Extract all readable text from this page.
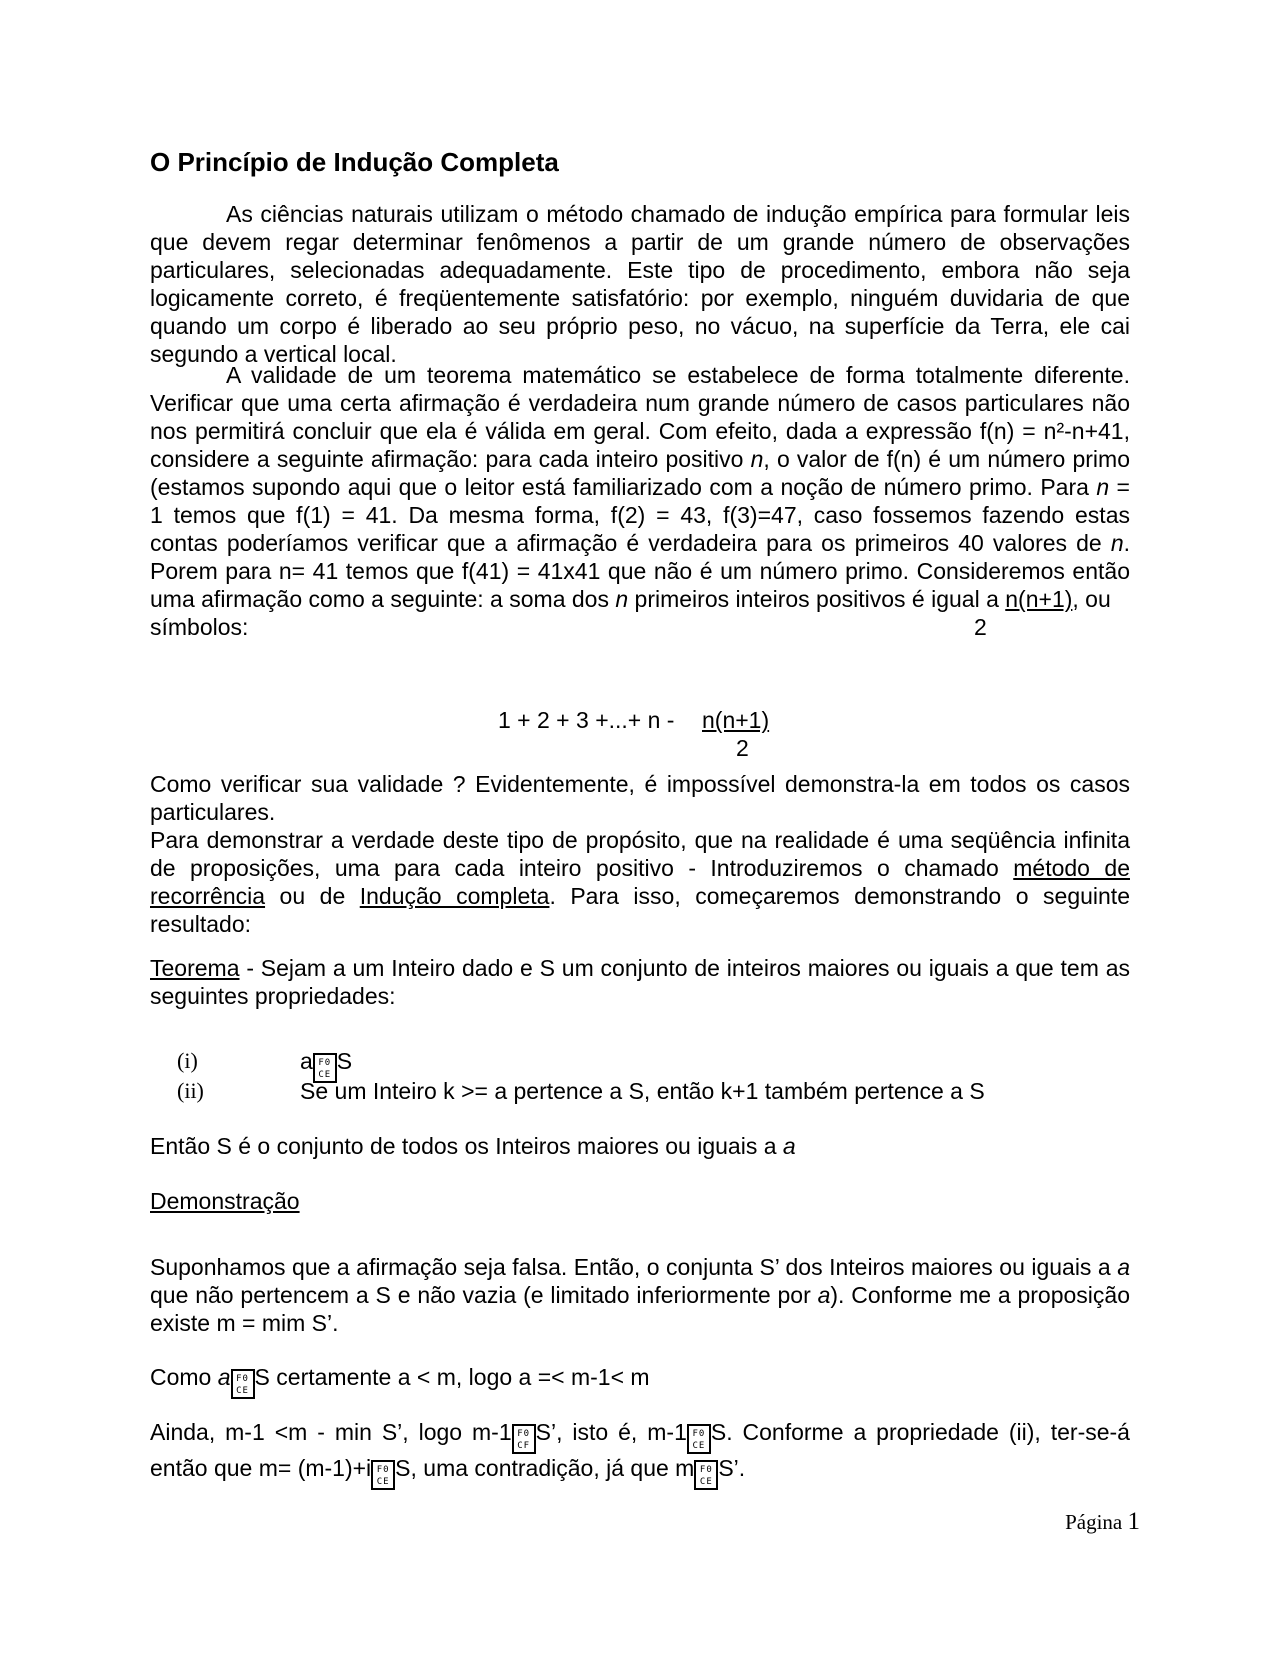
O Princípio de Indução Completa

As ciências naturais utilizam o método chamado de indução empírica para formular leis que devem regar determinar fenômenos a partir de um grande número de observações particulares, selecionadas adequadamente. Este tipo de procedimento, embora não seja logicamente correto, é freqüentemente satisfatório: por exemplo, ninguém duvidaria de que quando um corpo é liberado ao seu próprio peso, no vácuo, na superfície da Terra, ele cai segundo a vertical local.

A validade de um teorema matemático se estabelece de forma totalmente diferente. Verificar que uma certa afirmação é verdadeira num grande número de casos particulares não nos permitirá concluir que ela é válida em geral. Com efeito, dada a expressão f(n) = n²-n+41, considere a seguinte afirmação: para cada inteiro positivo n, o valor de f(n) é um número primo (estamos supondo aqui que o leitor está familiarizado com a noção de número primo. Para n = 1 temos que f(1) = 41. Da mesma forma, f(2) = 43, f(3)=47, caso fossemos fazendo estas contas poderíamos verificar que a afirmação é verdadeira para os primeiros 40 valores de n. Porem para n= 41 temos que f(41) = 41x41 que não é um número primo. Consideremos então uma afirmação como a seguinte: a soma dos n primeiros inteiros positivos é igual a n(n+1), ou

símbolos:	2
1 + 2 + 3 +...+ n - n(n+1)
2

Como verificar sua validade ? Evidentemente, é impossível demonstra-la em todos os casos particulares.

Para demonstrar a verdade deste tipo de propósito, que na realidade é uma seqüência infinita de proposições, uma para cada inteiro positivo - Introduziremos o chamado método de recorrência ou de Indução completa. Para isso, começaremos demonstrando o seguinte resultado:

Teorema - Sejam a um Inteiro dado e S um conjunto de inteiros maiores ou iguais a que tem as seguintes propriedades:

(i)	a F0
CES
(ii)	Se um Inteiro k >= a pertence a S, então k+1 também pertence a S

Então S é o conjunto de todos os Inteiros maiores ou iguais a a

Demonstração

Suponhamos que a afirmação seja falsa. Então, o conjunta S’ dos Inteiros maiores ou iguais a a que não pertencem a S e não vazia (e limitado inferiormente por a). Conforme me a proposição existe m = mim S’.

Como a F0
CES certamente a < m, logo a =< m-1< m

Ainda, m-1 <m - min S’, logo m-1 F0
CFS’, isto é, m-1 F0
CES. Conforme a propriedade (ii), ter-se-á então que m= (m-1)+i F0
CES, uma contradição, já que m F0
CES’.

Página 1
